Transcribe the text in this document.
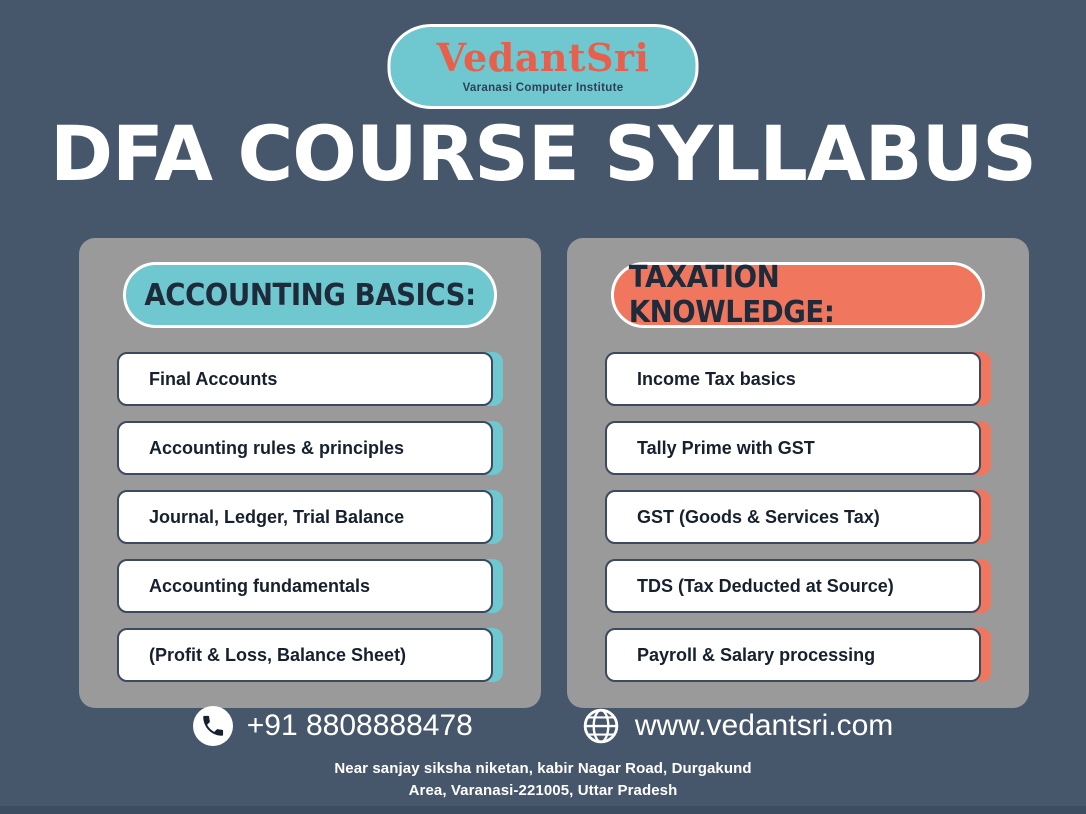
VedantSri
Varanasi Computer Institute
DFA COURSE SYLLABUS
ACCOUNTING BASICS:
Final Accounts
Accounting rules & principles
Journal, Ledger, Trial Balance
Accounting fundamentals
(Profit & Loss, Balance Sheet)
TAXATION KNOWLEDGE:
Income Tax basics
Tally Prime with GST
GST (Goods & Services Tax)
TDS (Tax Deducted at Source)
Payroll & Salary processing
+91 8808888478	www.vedantsri.com
Near sanjay siksha niketan, kabir Nagar Road, Durgakund
Area, Varanasi-221005, Uttar Pradesh
